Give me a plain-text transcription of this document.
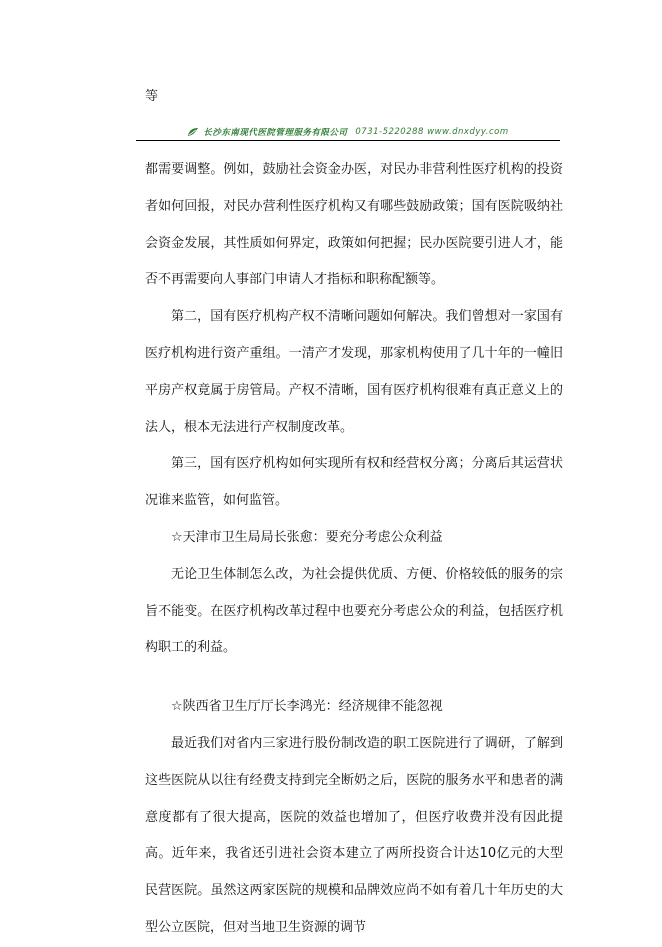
等
长沙东南现代医院管理服务有限公司 0731-5220288 www.dnxdyy.com

都需要调整。例如，鼓励社会资金办医，对民办非营利性医疗机构的投资者如何回报，对民办营利性医疗机构又有哪些鼓励政策；国有医院吸纳社会资金发展，其性质如何界定，政策如何把握；民办医院要引进人才，能否不再需要向人事部门申请人才指标和职称配额等。

第二，国有医疗机构产权不清晰问题如何解决。我们曾想对一家国有医疗机构进行资产重组。一清产才发现，那家机构使用了几十年的一幢旧平房产权竟属于房管局。产权不清晰，国有医疗机构很难有真正意义上的法人，根本无法进行产权制度改革。

第三，国有医疗机构如何实现所有权和经营权分离；分离后其运营状况谁来监管，如何监管。

☆天津市卫生局局长张愈：要充分考虑公众利益

无论卫生体制怎么改，为社会提供优质、方便、价格较低的服务的宗旨不能变。在医疗机构改革过程中也要充分考虑公众的利益，包括医疗机构职工的利益。

☆陕西省卫生厅厅长李鸿光：经济规律不能忽视

最近我们对省内三家进行股份制改造的职工医院进行了调研，了解到这些医院从以往有经费支持到完全断奶之后，医院的服务水平和患者的满意度都有了很大提高，医院的效益也增加了，但医疗收费并没有因此提高。近年来，我省还引进社会资本建立了两所投资合计达10亿元的大型民营医院。虽然这两家医院的规模和品牌效应尚不如有着几十年历史的大型公立医院，但对当地卫生资源的调节
